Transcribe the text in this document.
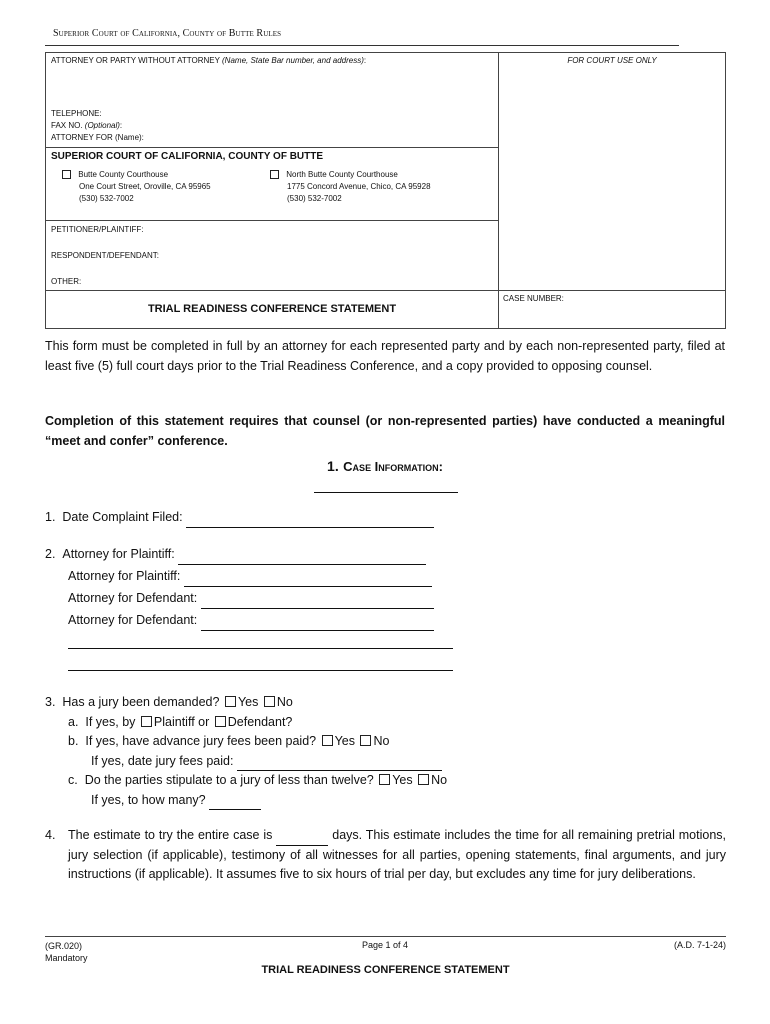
Superior Court of California, County of Butte Rules
ATTORNEY OR PARTY WITHOUT ATTORNEY (Name, State Bar number, and address):	FOR COURT USE ONLY
TELEPHONE:
FAX NO. (Optional):
ATTORNEY FOR (Name):
SUPERIOR COURT OF CALIFORNIA, COUNTY OF BUTTE
Butte County Courthouse
One Court Street, Oroville, CA 95965
(530) 532-7002
North Butte County Courthouse
1775 Concord Avenue, Chico, CA 95928
(530) 532-7002
PETITIONER/PLAINTIFF:
RESPONDENT/DEFENDANT:
OTHER:
TRIAL READINESS CONFERENCE STATEMENT
CASE NUMBER:
This form must be completed in full by an attorney for each represented party and by each non-represented party, filed at least five (5) full court days prior to the Trial Readiness Conference, and a copy provided to opposing counsel.
Completion of this statement requires that counsel (or non-represented parties) have conducted a meaningful “meet and confer” conference.
1. Case Information:
1. Date Complaint Filed:
2. Attorney for Plaintiff:
Attorney for Plaintiff:
Attorney for Defendant:
Attorney for Defendant:
3. Has a jury been demanded? Yes No
a. If yes, by Plaintiff or Defendant?
b. If yes, have advance jury fees been paid? Yes No
If yes, date jury fees paid:
c. Do the parties stipulate to a jury of less than twelve? Yes No
If yes, to how many?
4.	The estimate to try the entire case is	days. This estimate includes the time for all remaining pretrial motions, jury selection (if applicable), testimony of all witnesses for all parties, opening statements, final arguments, and jury instructions (if applicable). It assumes five to six hours of trial per day, but excludes any time for jury deliberations.
(GR.020)
Mandatory
Page 1 of 4	(A.D. 7-1-24)
TRIAL READINESS CONFERENCE STATEMENT
